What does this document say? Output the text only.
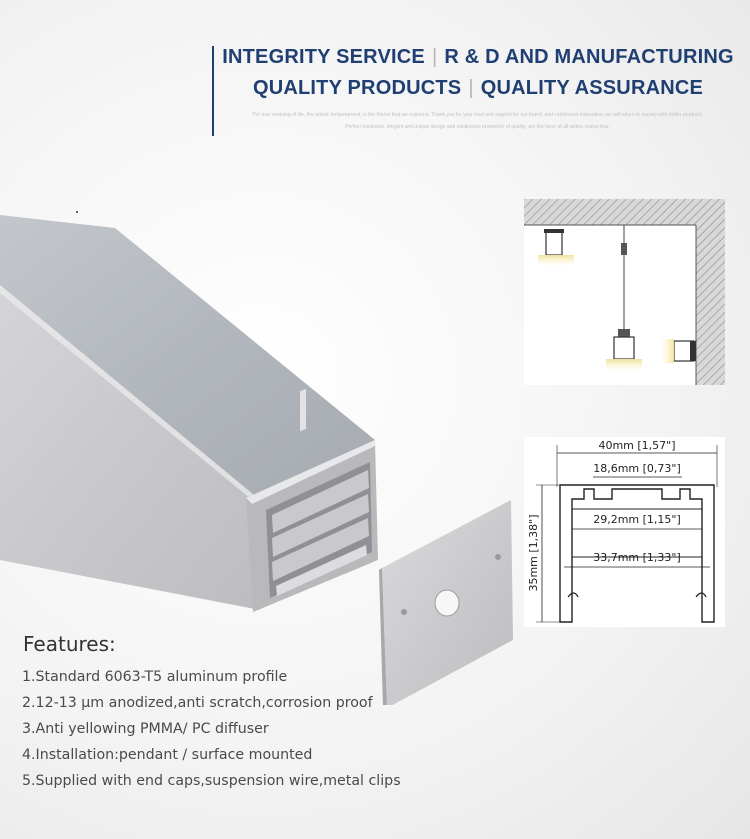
INTEGRITY SERVICE | R & D AND MANUFACTURING
QUALITY PRODUCTS | QUALITY ASSURANCE
The true meaning of life, the artistic temperament, is the theme that we expound. Thank you for your trust and support for our brand, and continuous innovation, we will return to society with better products.
Perfect handwork, elegant and unique design and continuous promotion of quality, are the favor of all wides, praise four.
40mm [1,57"]
18,6mm [0,73"]
29,2mm [1,15"]
33,7mm [1,33"]
35mm [1,38"]
Features:
1.Standard 6063-T5 aluminum profile
2.12-13 μm anodized,anti scratch,corrosion proof
3.Anti yellowing PMMA/ PC diffuser
4.Installation:pendant / surface mounted
5.Supplied with end caps,suspension wire,metal clips
